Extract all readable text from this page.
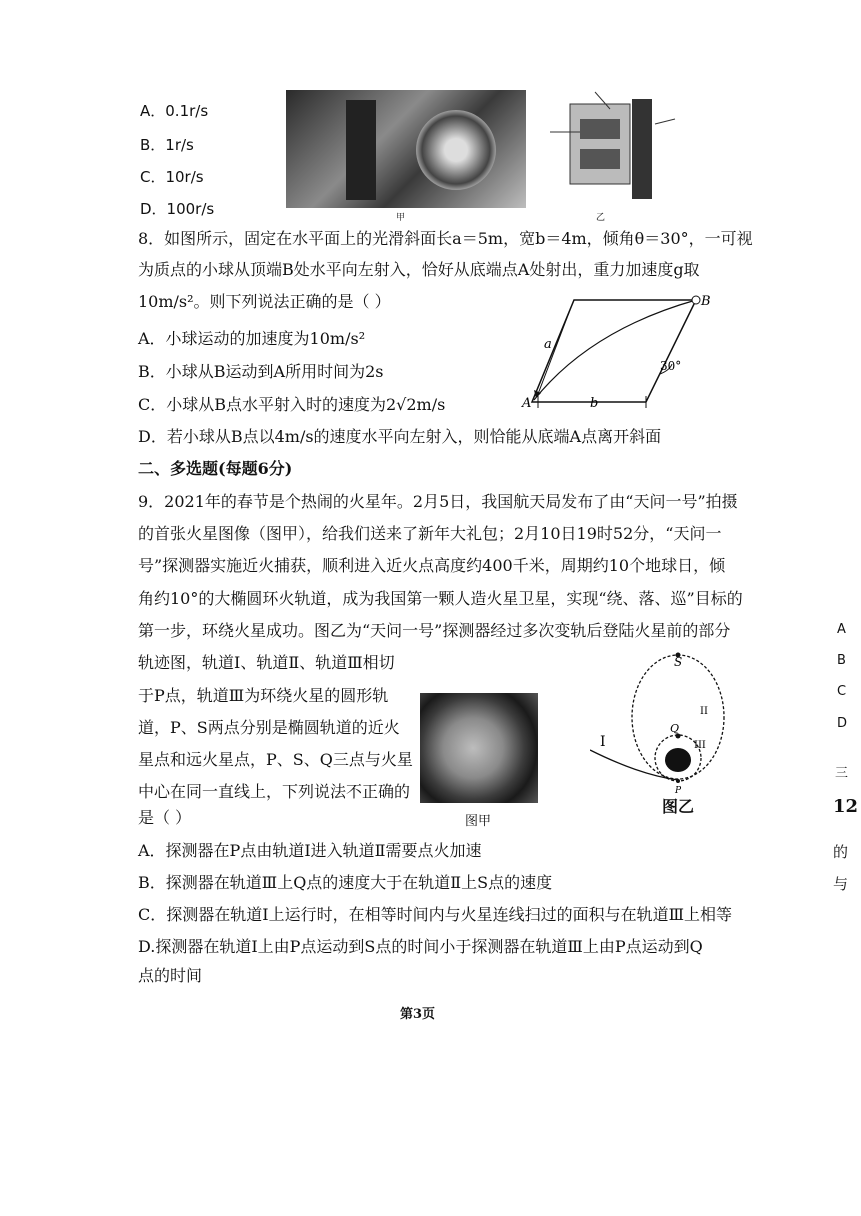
A．0.1r/s
B．1r/s
C．10r/s
D．100r/s	甲	乙
8．如图所示，固定在水平面上的光滑斜面长a＝5m，宽b＝4m，倾角θ＝30°，一可视
为质点的小球从顶端B处水平向左射入，恰好从底端点A处射出，重力加速度g取
10m/s²。则下列说法正确的是（ ）
A．小球运动的加速度为10m/s²
B．小球从B运动到A所用时间为2s
C．小球从B点水平射入时的速度为2√2m/s
D．若小球从B点以4m/s的速度水平向左射入，则恰能从底端A点离开斜面
B
A
a
b
30°
二、多选题(每题6分)
9．2021年的春节是个热闹的火星年。2月5日，我国航天局发布了由“天问一号”拍摄
的首张火星图像（图甲），给我们送来了新年大礼包；2月10日19时52分，“天问一
号”探测器实施近火捕获，顺利进入近火点高度约400千米，周期约10个地球日，倾
角约10°的大椭圆环火轨道，成为我国第一颗人造火星卫星，实现“绕、落、巡”目标的
第一步，环绕火星成功。图乙为“天问一号”探测器经过多次变轨后登陆火星前的部分
轨迹图，轨道Ⅰ、轨道Ⅱ、轨道Ⅲ相切
于P点，轨道Ⅲ为环绕火星的圆形轨
道，P、S两点分别是椭圆轨道的近火
星点和远火星点，P、S、Q三点与火星
中心在同一直线上，下列说法不正确的
是（ ）	图甲
S
Q
P
I
II
III
图乙
A．探测器在P点由轨道Ⅰ进入轨道Ⅱ需要点火加速
B．探测器在轨道Ⅲ上Q点的速度大于在轨道Ⅱ上S点的速度
C．探测器在轨道Ⅰ上运行时，在相等时间内与火星连线扫过的面积与在轨道Ⅲ上相等
D.探测器在轨道Ⅰ上由P点运动到S点的时间小于探测器在轨道Ⅲ上由P点运动到Q
点的时间
A
B
C
D
三
12
的
与
第3页
